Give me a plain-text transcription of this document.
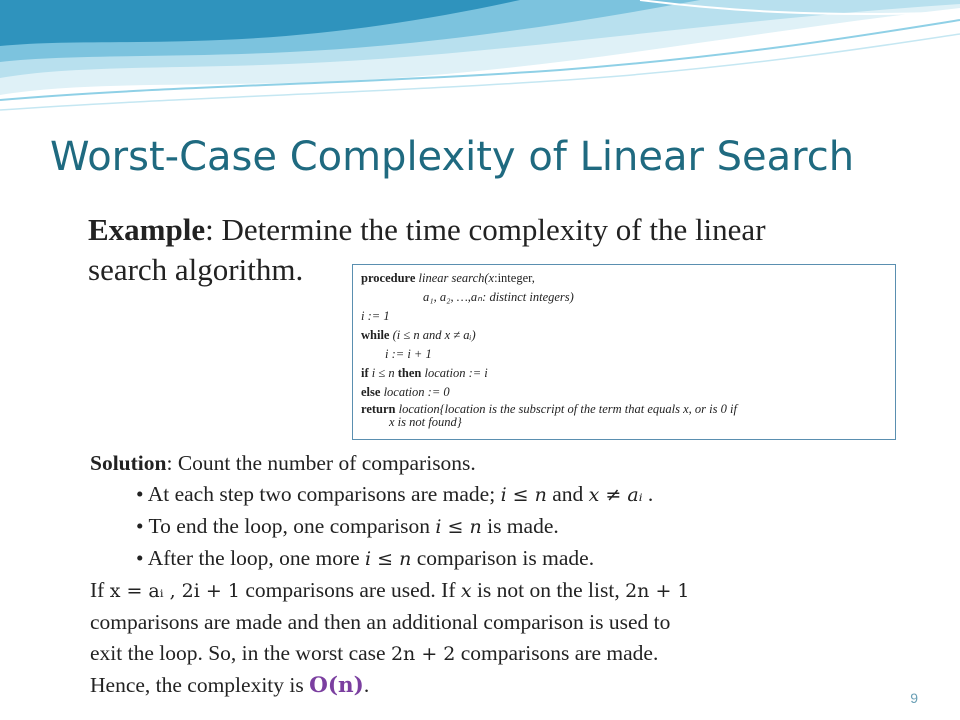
Worst-Case Complexity of Linear Search
Example: Determine the time complexity of the linear
search algorithm.	procedure linear search(x:integer,
a₁, a₂, …,aₙ: distinct integers)
i := 1
while (i ≤ n and x ≠ aᵢ)
i := i + 1
if i ≤ n then location := i
else location := 0
return location{location is the subscript of the term that equals x, or is 0 if
x is not found}
Solution: Count the number of comparisons.
• At each step two comparisons are made; i ≤ n and x ≠ aᵢ .
• To end the loop, one comparison i ≤ n is made.
• After the loop, one more i ≤ n comparison is made.
If x = aᵢ , 2i + 1 comparisons are used. If x is not on the list, 2n + 1
comparisons are made and then an additional comparison is used to
exit the loop. So, in the worst case 2n + 2 comparisons are made.
Hence, the complexity is O(n).
9
